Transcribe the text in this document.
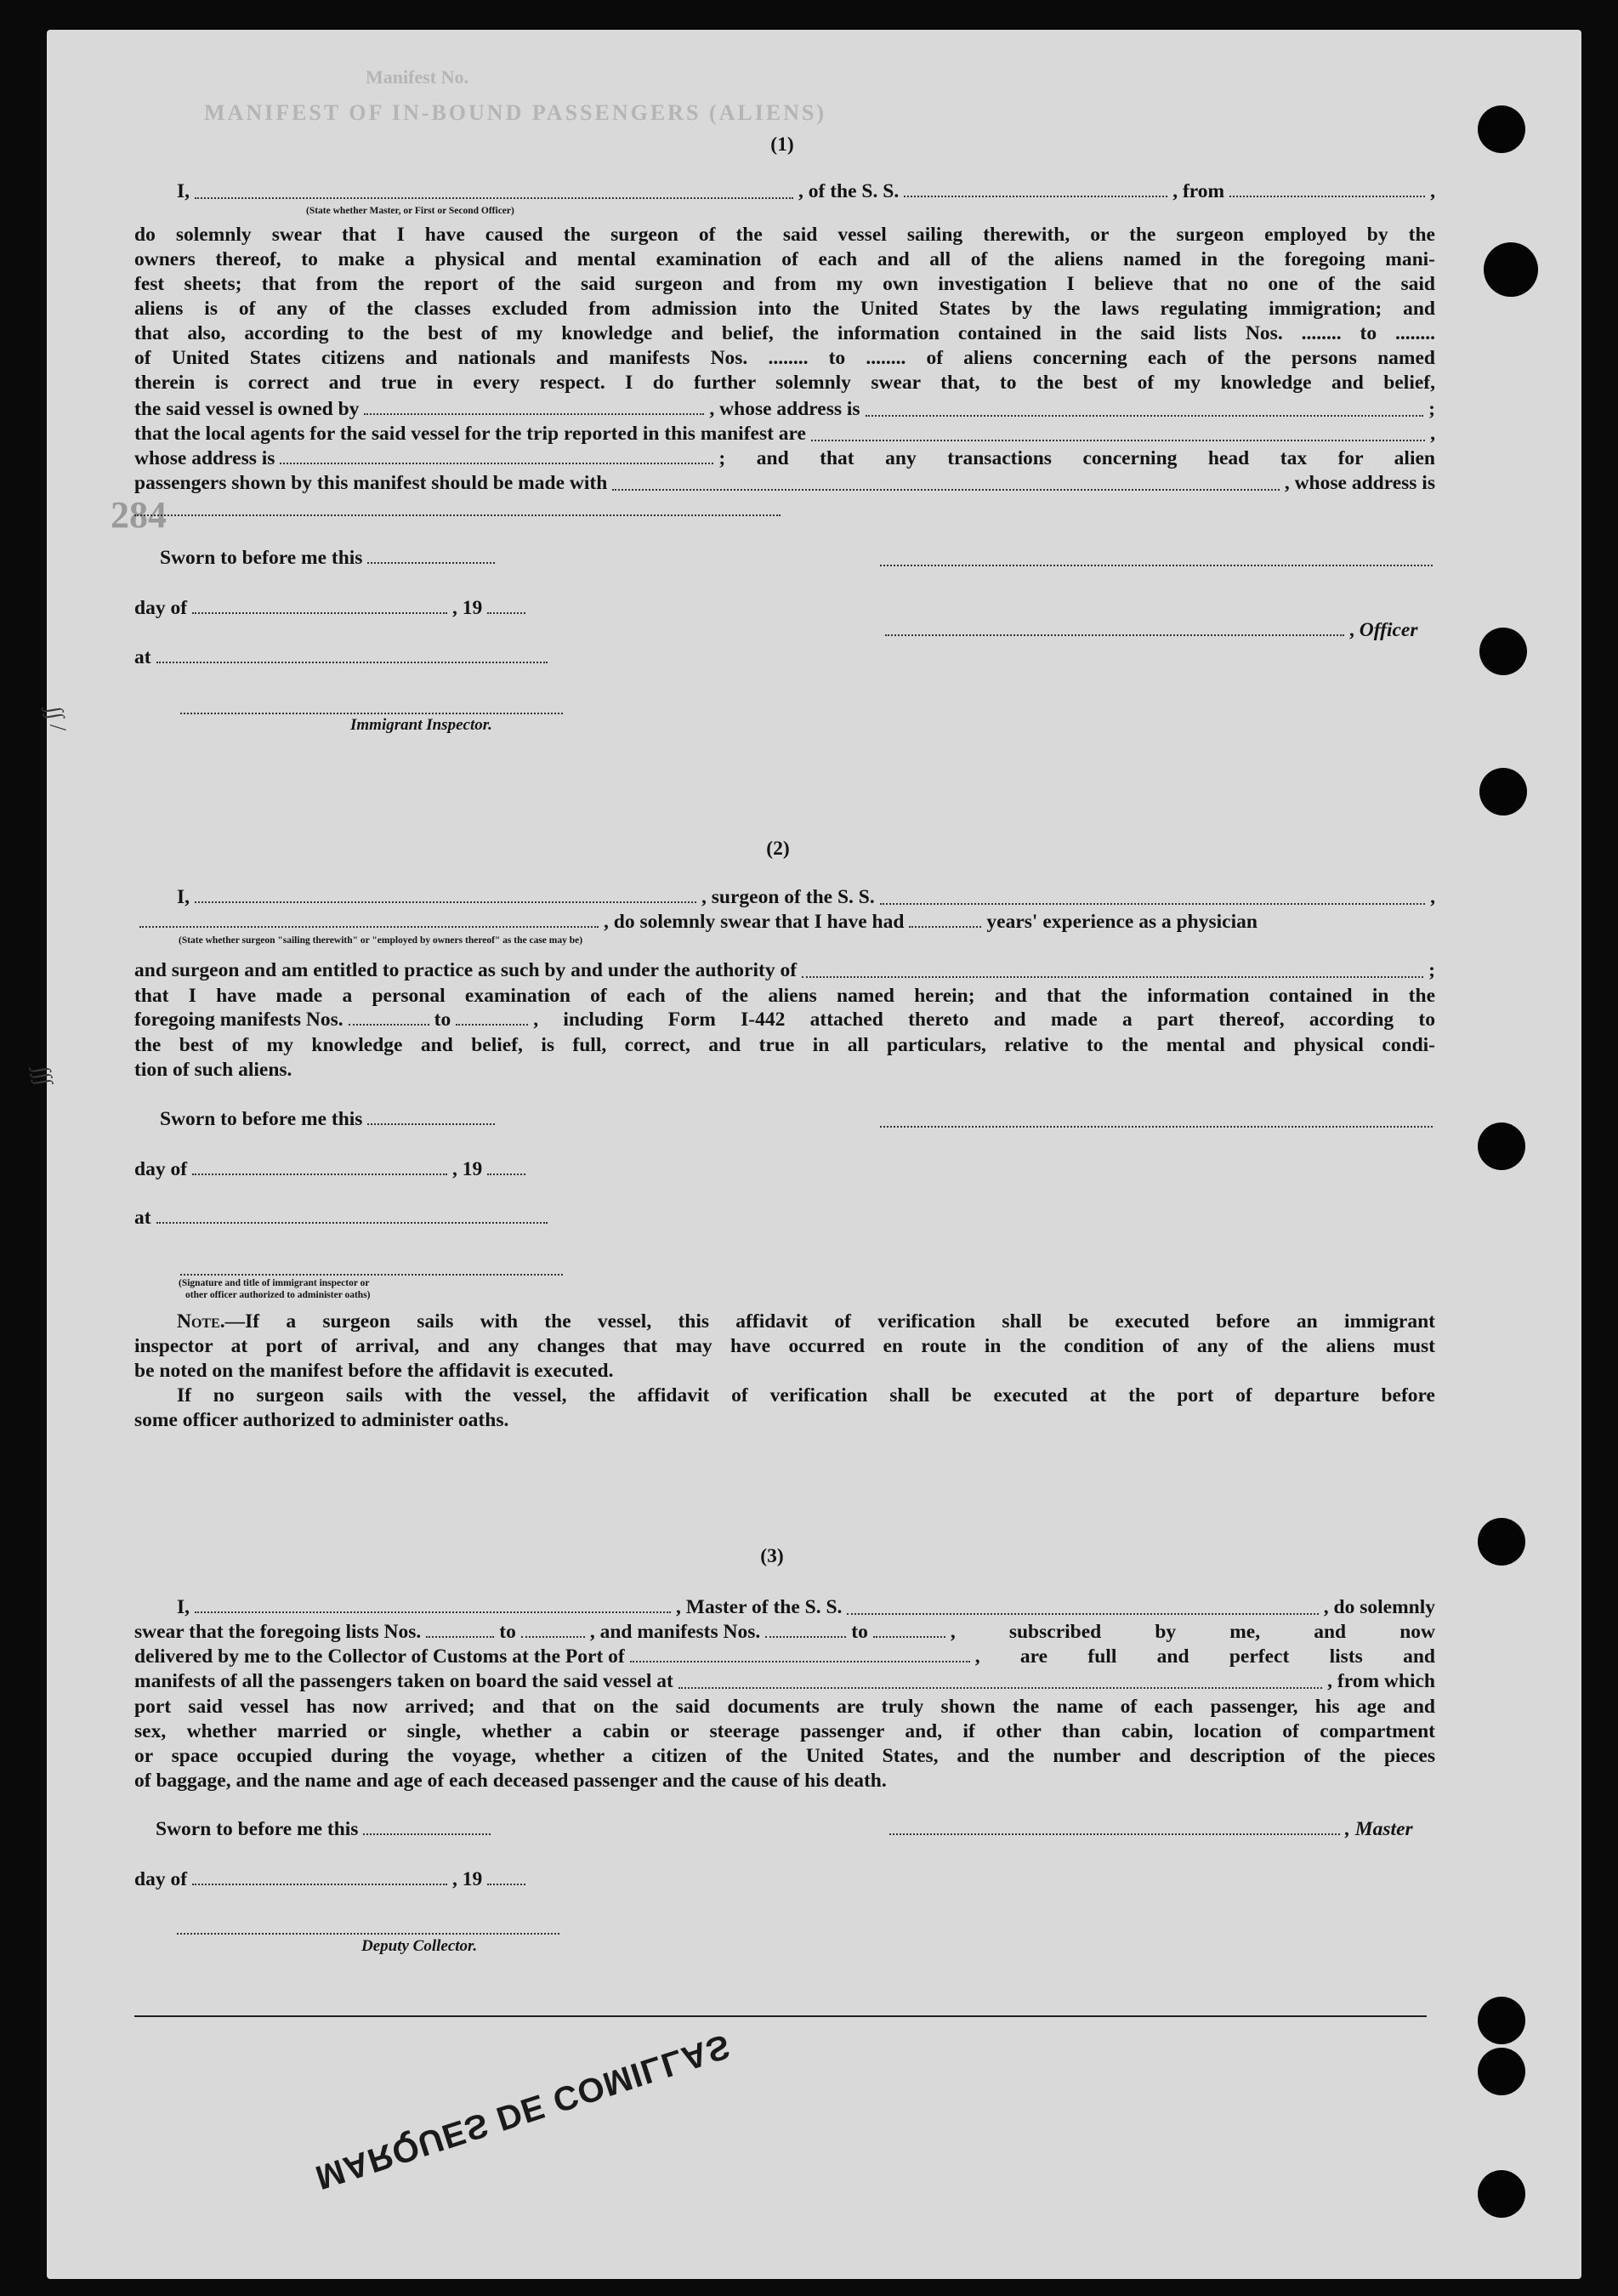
Manifest No.
MANIFEST OF IN-BOUND PASSENGERS (ALIENS)
284
∫∫ /
∫∫∫
(1)
I,	, of the S. S.	, from	,
(State whether Master, or First or Second Officer)
do solemnly swear that I have caused the surgeon of the said vessel sailing therewith, or the surgeon employed by the
owners thereof, to make a physical and mental examination of each and all of the aliens named in the foregoing mani-
fest sheets; that from the report of the said surgeon and from my own investigation I believe that no one of the said
aliens is of any of the classes excluded from admission into the United States by the laws regulating immigration; and
that also, according to the best of my knowledge and belief, the information contained in the said lists Nos. ........ to ........
of United States citizens and nationals and manifests Nos. ........ to ........ of aliens concerning each of the persons named
therein is correct and true in every respect. I do further solemnly swear that, to the best of my knowledge and belief,
the said vessel is owned by	, whose address is	;
that the local agents for the said vessel for the trip reported in this manifest are	,
whose address is	; and that any transactions concerning head tax for alien
passengers shown by this manifest should be made with	, whose address is
Sworn to before me this
day of	, 19
, Officer
at
Immigrant Inspector.
(2)
I,	, surgeon of the S. S.	,
, do solemnly swear that I have had	years' experience as a physician
(State whether surgeon "sailing therewith" or "employed by owners thereof" as the case may be)
and surgeon and am entitled to practice as such by and under the authority of	;
that I have made a personal examination of each of the aliens named herein; and that the information contained in the
foregoing manifests Nos.	to	, including Form I-442 attached thereto and made a part thereof, according to
the best of my knowledge and belief, is full, correct, and true in all particulars, relative to the mental and physical condi-
tion of such aliens.
Sworn to before me this
day of	, 19
at
(Signature and title of immigrant inspector or
other officer authorized to administer oaths)
Note.— If a surgeon sails with the vessel, this affidavit of verification shall be executed before an immigrant
inspector at port of arrival, and any changes that may have occurred en route in the condition of any of the aliens must
be noted on the manifest before the affidavit is executed.
If no surgeon sails with the vessel, the affidavit of verification shall be executed at the port of departure before
some officer authorized to administer oaths.
(3)
I,	, Master of the S. S.	, do solemnly
swear that the foregoing lists Nos.	to	, and manifests Nos.	to	, subscribed by me, and now
delivered by me to the Collector of Customs at the Port of	, are full and perfect lists and
manifests of all the passengers taken on board the said vessel at	, from which
port said vessel has now arrived; and that on the said documents are truly shown the name of each passenger, his age and
sex, whether married or single, whether a cabin or steerage passenger and, if other than cabin, location of compartment
or space occupied during the voyage, whether a citizen of the United States, and the number and description of the pieces
of baggage, and the name and age of each deceased passenger and the cause of his death.
Sworn to before me this	, Master
day of	, 19
Deputy Collector.
MARQUES DE COMILLAS
